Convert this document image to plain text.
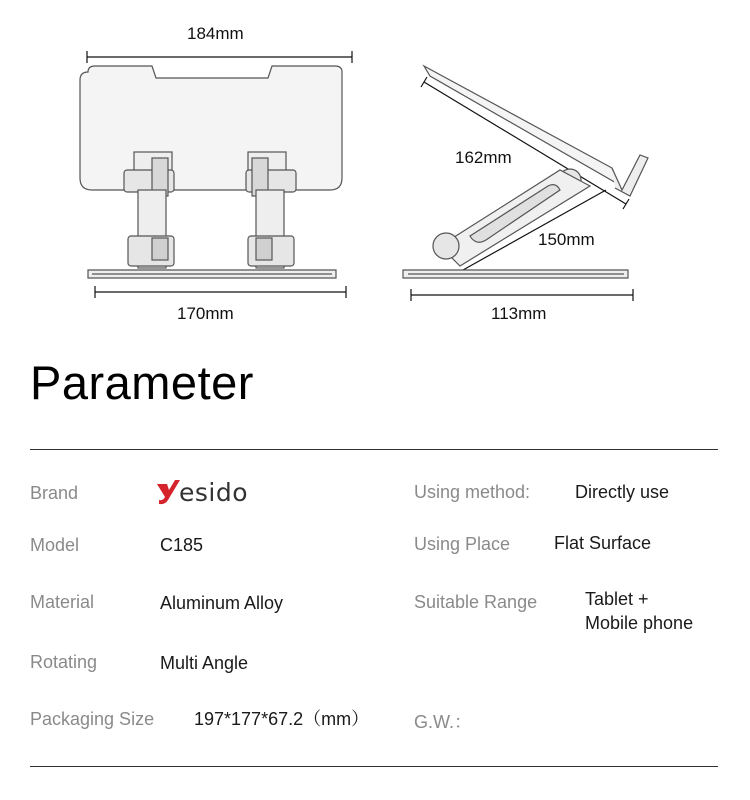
184mm
170mm
162mm
150mm
113mm
Parameter
Brand	esido
Model	C185
Material	Aluminum Alloy
Rotating	Multi Angle
Packaging Size 197*177*67.2（mm）
Using method: Directly use
Using Place Flat Surface
Suitable Range	Tablet +
Mobile phone
G.W.：
